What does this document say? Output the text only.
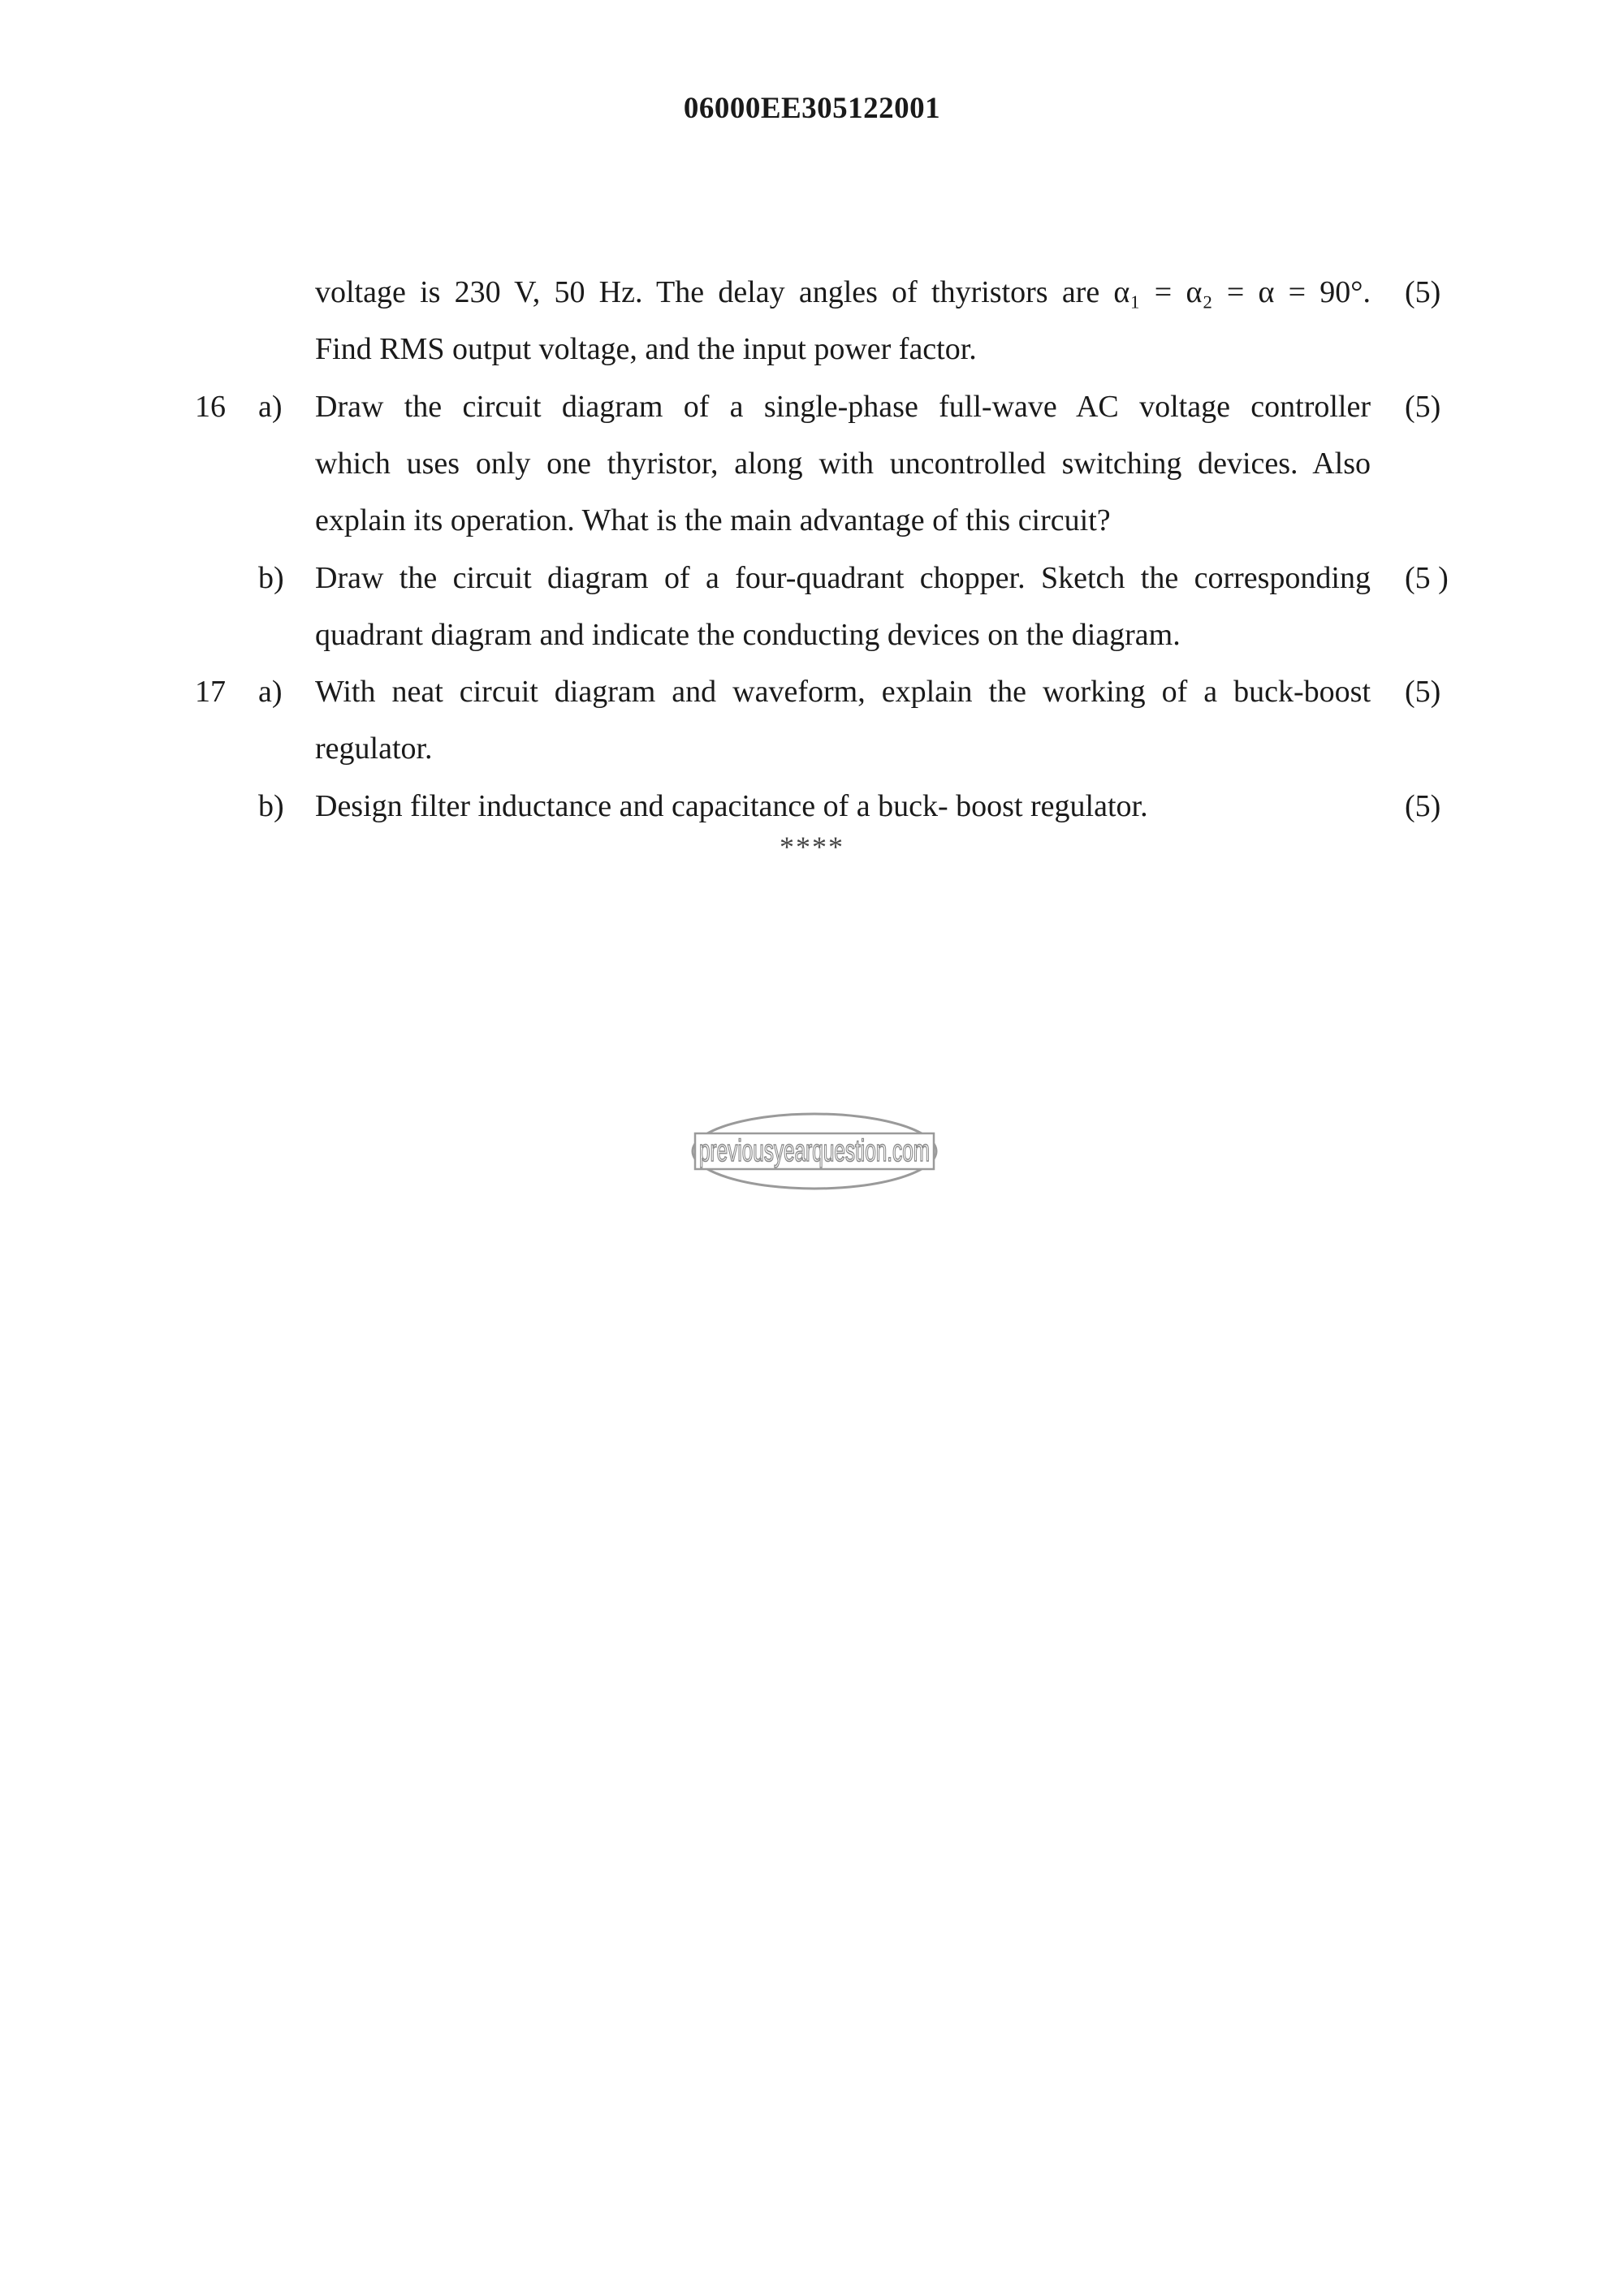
06000EE305122001
voltage is 230 V, 50 Hz. The delay angles of thyristors are α₁ = α₂ = α = 90°. (5)
Find RMS output voltage, and the input power factor.
16	a)	Draw the circuit diagram of a single-phase full-wave AC voltage controller (5)
which uses only one thyristor, along with uncontrolled switching devices. Also
explain its operation. What is the main advantage of this circuit?
b)	Draw the circuit diagram of a four-quadrant chopper. Sketch the corresponding (5 )
quadrant diagram and indicate the conducting devices on the diagram.
17	a)	With neat circuit diagram and waveform, explain the working of a buck-boost (5)
regulator.
b)	Design filter inductance and capacitance of a buck- boost regulator.	(5)
****
previousyearquestion.com
